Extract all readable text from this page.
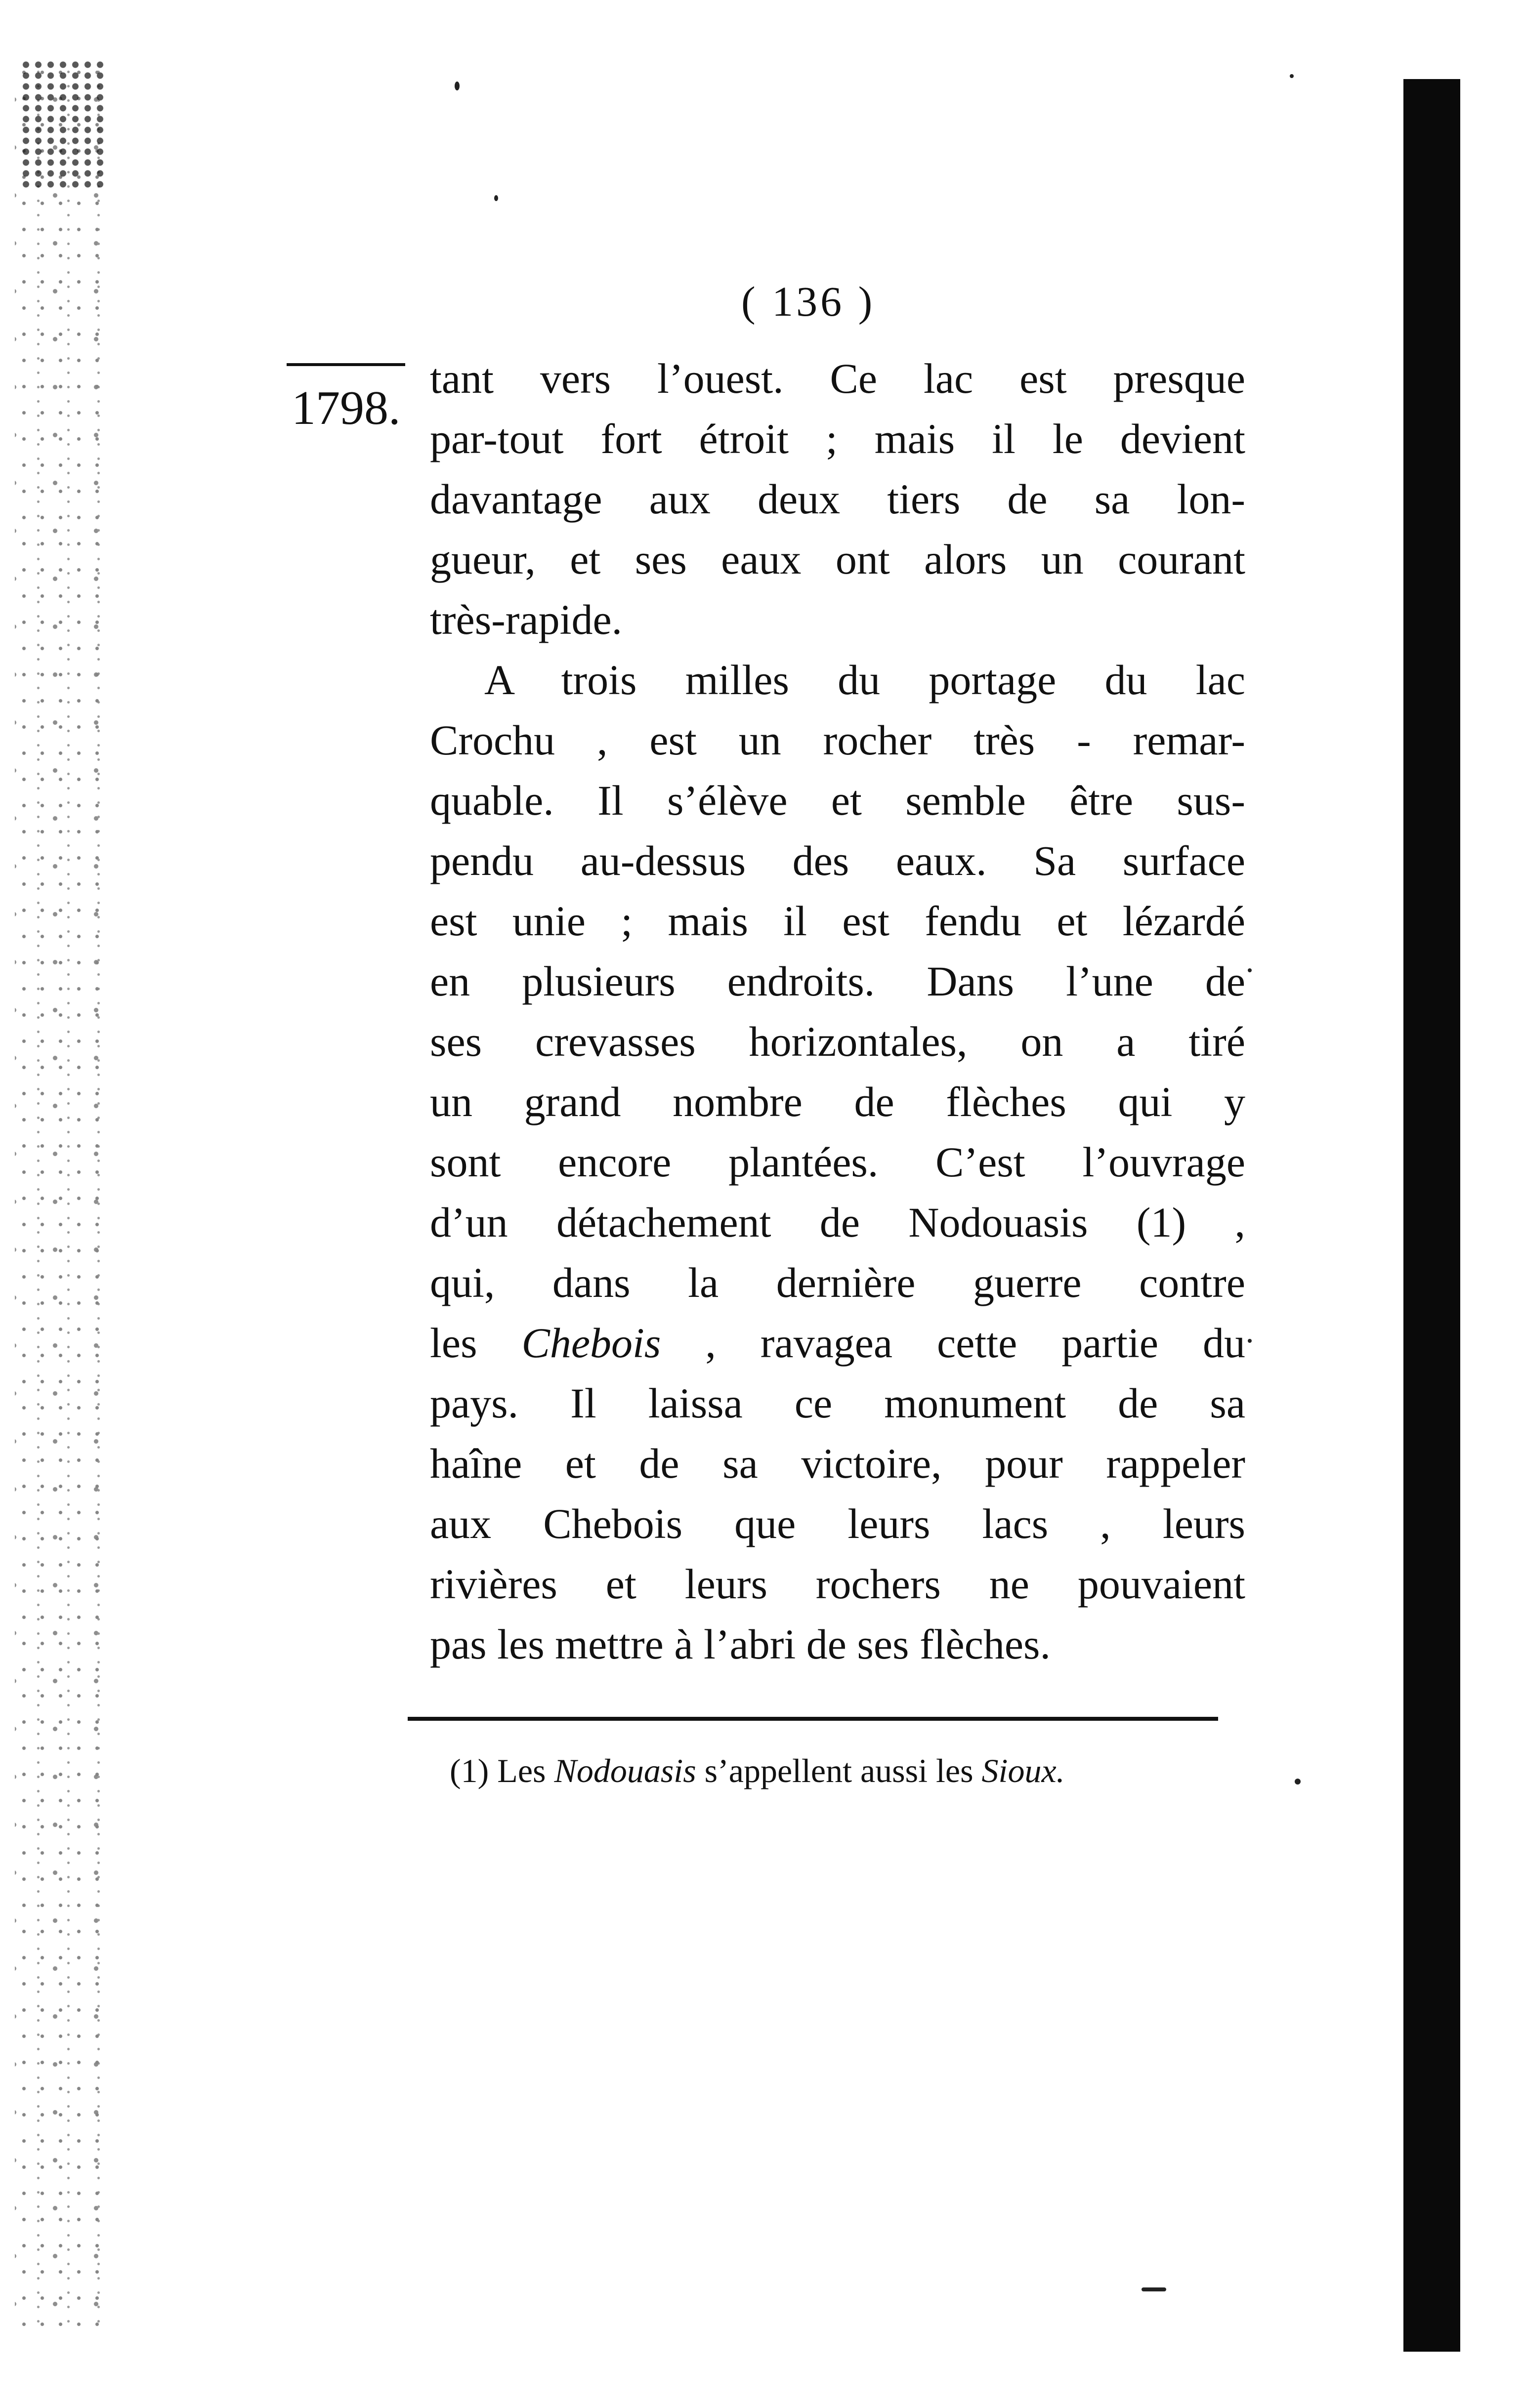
( 136 )
1798.
tant vers l’ouest. Ce lac est presque
par-tout fort étroit ; mais il le devient
davantage aux deux tiers de sa lon-
gueur, et ses eaux ont alors un courant
très-rapide.
A trois milles du portage du lac
Crochu , est un rocher très - remar-
quable. Il s’élève et semble être sus-
pendu au-dessus des eaux. Sa surface
est unie ; mais il est fendu et lézardé
en plusieurs endroits. Dans l’une de
ses crevasses horizontales, on a tiré
un grand nombre de flèches qui y
sont encore plantées. C’est l’ouvrage
d’un détachement de Nodouasis (1) ,
qui, dans la dernière guerre contre
les Chebois , ravagea cette partie du
pays. Il laissa ce monument de sa
haîne et de sa victoire, pour rappeler
aux Chebois que leurs lacs , leurs
rivières et leurs rochers ne pouvaient
pas les mettre à l’abri de ses flèches.
(1) Les Nodouasis s’appellent aussi les Sioux.
